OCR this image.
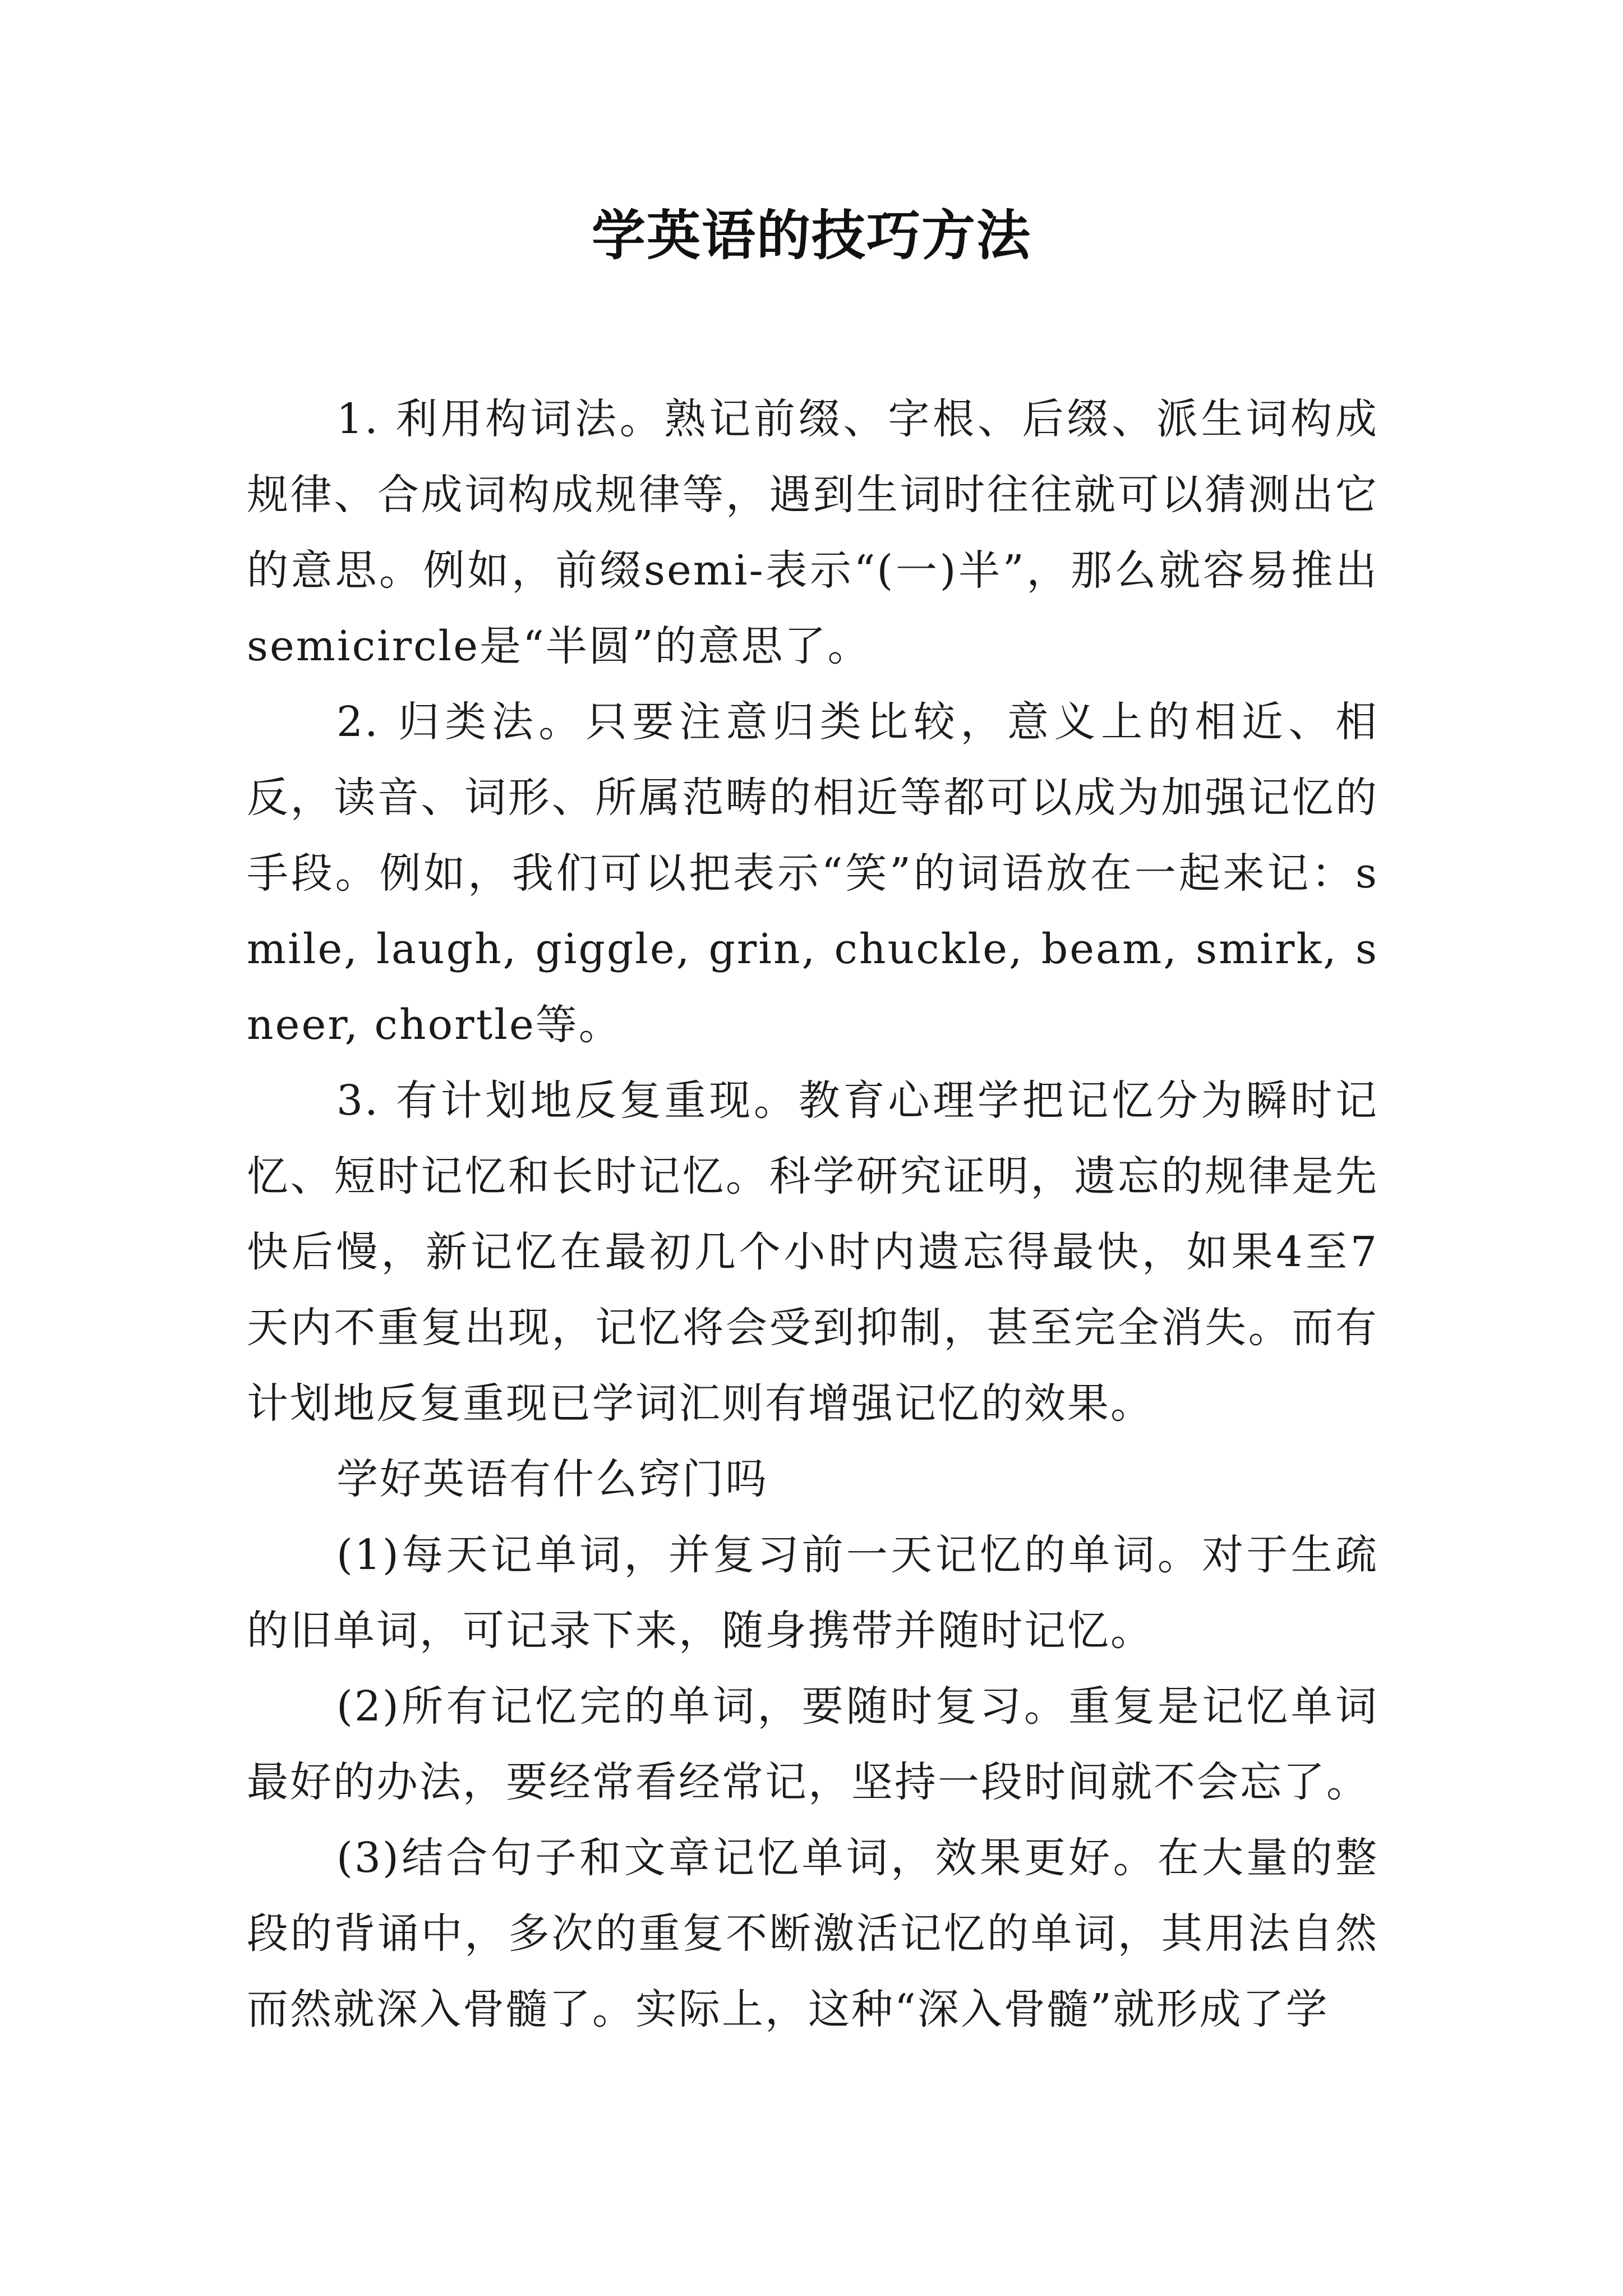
学英语的技巧方法

1. 利用构词法。熟记前缀、字根、后缀、派生词构成规律、合成词构成规律等，遇到生词时往往就可以猜测出它的意思。例如，前缀semi-表示“(一)半”，那么就容易推出semicircle是“半圆”的意思了。

2. 归类法。只要注意归类比较，意义上的相近、相反，读音、词形、所属范畴的相近等都可以成为加强记忆的手段。例如，我们可以把表示“笑”的词语放在一起来记：smile, laugh, giggle, grin, chuckle, beam, smirk, sneer, chortle等。

3. 有计划地反复重现。教育心理学把记忆分为瞬时记忆、短时记忆和长时记忆。科学研究证明，遗忘的规律是先快后慢，新记忆在最初几个小时内遗忘得最快，如果4至7天内不重复出现，记忆将会受到抑制，甚至完全消失。而有计划地反复重现已学词汇则有增强记忆的效果。

学好英语有什么窍门吗

(1)每天记单词，并复习前一天记忆的单词。对于生疏的旧单词，可记录下来，随身携带并随时记忆。

(2)所有记忆完的单词，要随时复习。重复是记忆单词最好的办法，要经常看经常记，坚持一段时间就不会忘了。

(3)结合句子和文章记忆单词，效果更好。在大量的整段的背诵中，多次的重复不断激活记忆的单词，其用法自然而然就深入骨髓了。实际上，这种“深入骨髓”就形成了学
